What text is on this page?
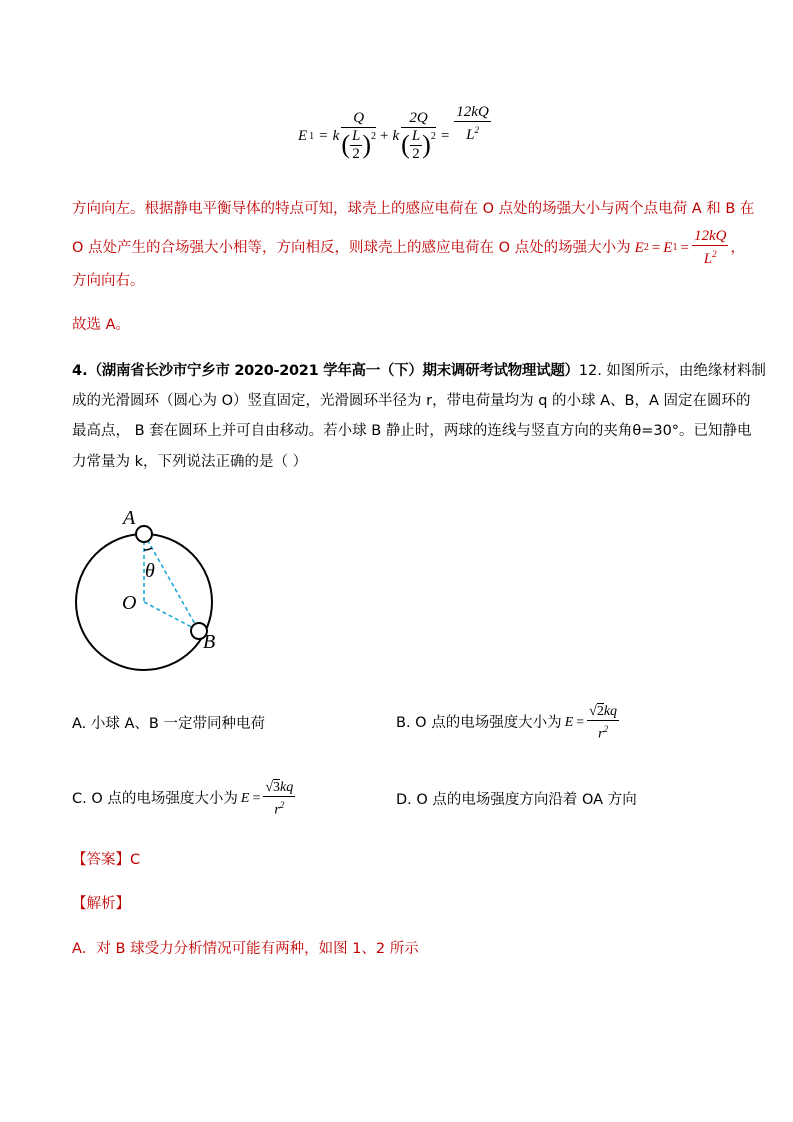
E 1 = k $\frac{Q}{( \frac{L}{2} )^2} + k \frac{2Q}{( \frac{L}{2} )^2} = \frac{12kQ}{L^2}$
方向向左。根据静电平衡导体的特点可知，球壳上的感应电荷在 O 点处的场强大小与两个点电荷 A 和 B 在
O 点处产生的合场强大小相等，方向相反，则球壳上的感应电荷在 O 点处的场强大小为 E 2 = E $1 = \frac{12kQ}{L^2}$ ，
方向向右。
故选 A。
4.（湖南省长沙市宁乡市 2020-2021 学年高一（下）期末调研考试物理试题）12. 如图所示，由绝缘材料制
成的光滑圆环（圆心为 O）竖直固定，光滑圆环半径为 r，带电荷量均为 q 的小球 A、B，A 固定在圆环的
最高点， B 套在圆环上并可自由移动。若小球 B 静止时，两球的连线与竖直方向的夹角θ=30°。已知静电
力常量为 k，下列说法正确的是（ ）
A
θ
O
B
A. 小球 A、B 一定带同种电荷	B. O 点的电场强度大小为 $E = \frac{√2kq}{r^2}$
C. O 点的电场强度大小为 $E = \frac{√3kq}{r^2}$	D. O 点的电场强度方向沿着 OA 方向
【答案】C
【解析】
A．对 B 球受力分析情况可能有两种，如图 1、2 所示
